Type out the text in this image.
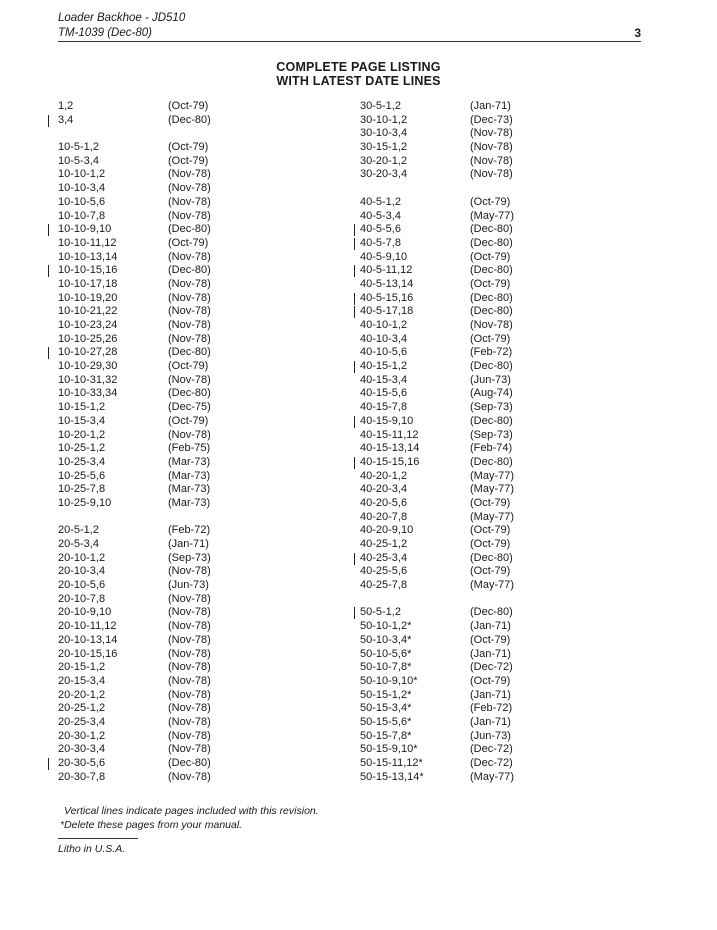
Loader Backhoe - JD510
TM-1039 (Dec-80)	3
COMPLETE PAGE LISTING
WITH LATEST DATE LINES
1,2	(Oct-79)
3,4	(Dec-80)
10-5-1,2	(Oct-79)
10-5-3,4	(Oct-79)
10-10-1,2	(Nov-78)
10-10-3,4	(Nov-78)
10-10-5,6	(Nov-78)
10-10-7,8	(Nov-78)
10-10-9,10	(Dec-80)
10-10-11,12	(Oct-79)
10-10-13,14	(Nov-78)
10-10-15,16	(Dec-80)
10-10-17,18	(Nov-78)
10-10-19,20	(Nov-78)
10-10-21,22	(Nov-78)
10-10-23,24	(Nov-78)
10-10-25,26	(Nov-78)
10-10-27,28	(Dec-80)
10-10-29,30	(Oct-79)
10-10-31,32	(Nov-78)
10-10-33,34	(Dec-80)
10-15-1,2	(Dec-75)
10-15-3,4	(Oct-79)
10-20-1,2	(Nov-78)
10-25-1,2	(Feb-75)
10-25-3,4	(Mar-73)
10-25-5,6	(Mar-73)
10-25-7,8	(Mar-73)
10-25-9,10	(Mar-73)
20-5-1,2	(Feb-72)
20-5-3,4	(Jan-71)
20-10-1,2	(Sep-73)
20-10-3,4	(Nov-78)
20-10-5,6	(Jun-73)
20-10-7,8	(Nov-78)
20-10-9,10	(Nov-78)
20-10-11,12	(Nov-78)
20-10-13,14	(Nov-78)
20-10-15,16	(Nov-78)
20-15-1,2	(Nov-78)
20-15-3,4	(Nov-78)
20-20-1,2	(Nov-78)
20-25-1,2	(Nov-78)
20-25-3,4	(Nov-78)
20-30-1,2	(Nov-78)
20-30-3,4	(Nov-78)
20-30-5,6	(Dec-80)
20-30-7,8	(Nov-78)
30-5-1,2	(Jan-71)
30-10-1,2	(Dec-73)
30-10-3,4	(Nov-78)
30-15-1,2	(Nov-78)
30-20-1,2	(Nov-78)
30-20-3,4	(Nov-78)
40-5-1,2	(Oct-79)
40-5-3,4	(May-77)
40-5-5,6	(Dec-80)
40-5-7,8	(Dec-80)
40-5-9,10	(Oct-79)
40-5-11,12	(Dec-80)
40-5-13,14	(Oct-79)
40-5-15,16	(Dec-80)
40-5-17,18	(Dec-80)
40-10-1,2	(Nov-78)
40-10-3,4	(Oct-79)
40-10-5,6	(Feb-72)
40-15-1,2	(Dec-80)
40-15-3,4	(Jun-73)
40-15-5,6	(Aug-74)
40-15-7,8	(Sep-73)
40-15-9,10	(Dec-80)
40-15-11,12	(Sep-73)
40-15-13,14	(Feb-74)
40-15-15,16	(Dec-80)
40-20-1,2	(May-77)
40-20-3,4	(May-77)
40-20-5,6	(Oct-79)
40-20-7,8	(May-77)
40-20-9,10	(Oct-79)
40-25-1,2	(Oct-79)
40-25-3,4	(Dec-80)
40-25-5,6	(Oct-79)
40-25-7,8	(May-77)
50-5-1,2	(Dec-80)
50-10-1,2*	(Jan-71)
50-10-3,4*	(Oct-79)
50-10-5,6*	(Jan-71)
50-10-7,8*	(Dec-72)
50-10-9,10*	(Oct-79)
50-15-1,2*	(Jan-71)
50-15-3,4*	(Feb-72)
50-15-5,6*	(Jan-71)
50-15-7,8*	(Jun-73)
50-15-9,10*	(Dec-72)
50-15-11,12*	(Dec-72)
50-15-13,14*	(May-77)
Vertical lines indicate pages included with this revision.
*Delete these pages from your manual.
Litho in U.S.A.
